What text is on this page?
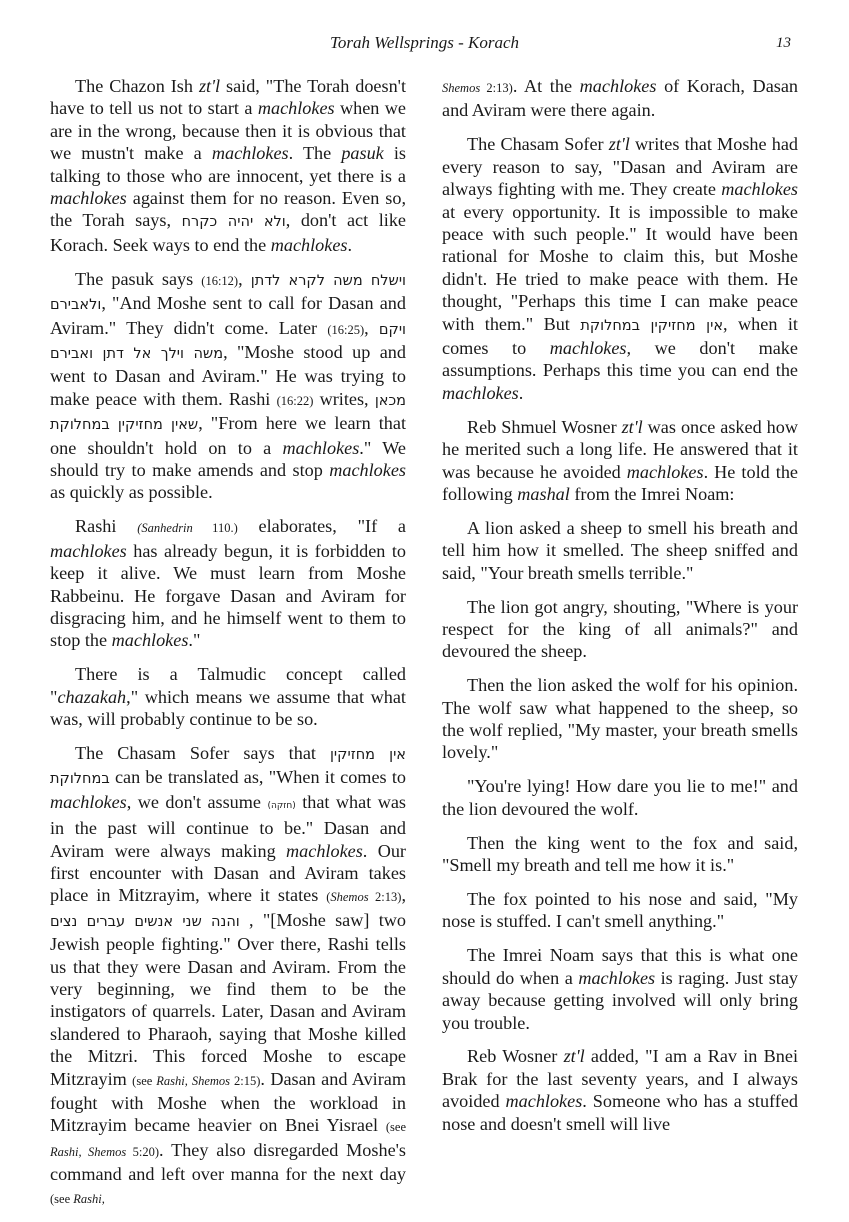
Torah Wellsprings - Korach	13

The Chazon Ish zt'l said, "The Torah doesn't have to tell us not to start a machlokes when we are in the wrong, because then it is obvious that we mustn't make a machlokes. The pasuk is talking to those who are innocent, yet there is a machlokes against them for no reason. Even so, the Torah says, ולא יהיה כקרח, don't act like Korach. Seek ways to end the machlokes.

The pasuk says (16:12), וישלח משה לקרא לדתן ולאבירם, "And Moshe sent to call for Dasan and Aviram." They didn't come. Later (16:25), ויקם משה וילך אל דתן ואבירם, "Moshe stood up and went to Dasan and Aviram." He was trying to make peace with them. Rashi (16:22) writes, מכאן שאין מחזיקין במחלוקת, "From here we learn that one shouldn't hold on to a machlokes." We should try to make amends and stop machlokes as quickly as possible.

Rashi (Sanhedrin 110.) elaborates, "If a machlokes has already begun, it is forbidden to keep it alive. We must learn from Moshe Rabbeinu. He forgave Dasan and Aviram for disgracing him, and he himself went to them to stop the machlokes."

There is a Talmudic concept called "chazakah," which means we assume that what was, will probably continue to be so.

The Chasam Sofer says that אין מחזיקין במחלוקת can be translated as, "When it comes to machlokes, we don't assume (חזקה) that what was in the past will continue to be." Dasan and Aviram were always making machlokes. Our first encounter with Dasan and Aviram takes place in Mitzrayim, where it states (Shemos 2:13), והנה שני אנשים עברים נצים , "[Moshe saw] two Jewish people fighting." Over there, Rashi tells us that they were Dasan and Aviram. From the very beginning, we find them to be the instigators of quarrels. Later, Dasan and Aviram slandered to Pharaoh, saying that Moshe killed the Mitzri. This forced Moshe to escape Mitzrayim (see Rashi, Shemos 2:15). Dasan and Aviram fought with Moshe when the workload in Mitzrayim became heavier on Bnei Yisrael (see Rashi, Shemos 5:20). They also disregarded Moshe's command and left over manna for the next day (see Rashi,

Shemos 2:13). At the machlokes of Korach, Dasan and Aviram were there again.

The Chasam Sofer zt'l writes that Moshe had every reason to say, "Dasan and Aviram are always fighting with me. They create machlokes at every opportunity. It is impossible to make peace with such people." It would have been rational for Moshe to claim this, but Moshe didn't. He tried to make peace with them. He thought, "Perhaps this time I can make peace with them." But אין מחזיקין במחלוקת, when it comes to machlokes, we don't make assumptions. Perhaps this time you can end the machlokes.

Reb Shmuel Wosner zt'l was once asked how he merited such a long life. He answered that it was because he avoided machlokes. He told the following mashal from the Imrei Noam:

A lion asked a sheep to smell his breath and tell him how it smelled. The sheep sniffed and said, "Your breath smells terrible."

The lion got angry, shouting, "Where is your respect for the king of all animals?" and devoured the sheep.

Then the lion asked the wolf for his opinion. The wolf saw what happened to the sheep, so the wolf replied, "My master, your breath smells lovely."

"You're lying! How dare you lie to me!" and the lion devoured the wolf.

Then the king went to the fox and said, "Smell my breath and tell me how it is."

The fox pointed to his nose and said, "My nose is stuffed. I can't smell anything."

The Imrei Noam says that this is what one should do when a machlokes is raging. Just stay away because getting involved will only bring you trouble.

Reb Wosner zt'l added, "I am a Rav in Bnei Brak for the last seventy years, and I always avoided machlokes. Someone who has a stuffed nose and doesn't smell will live
